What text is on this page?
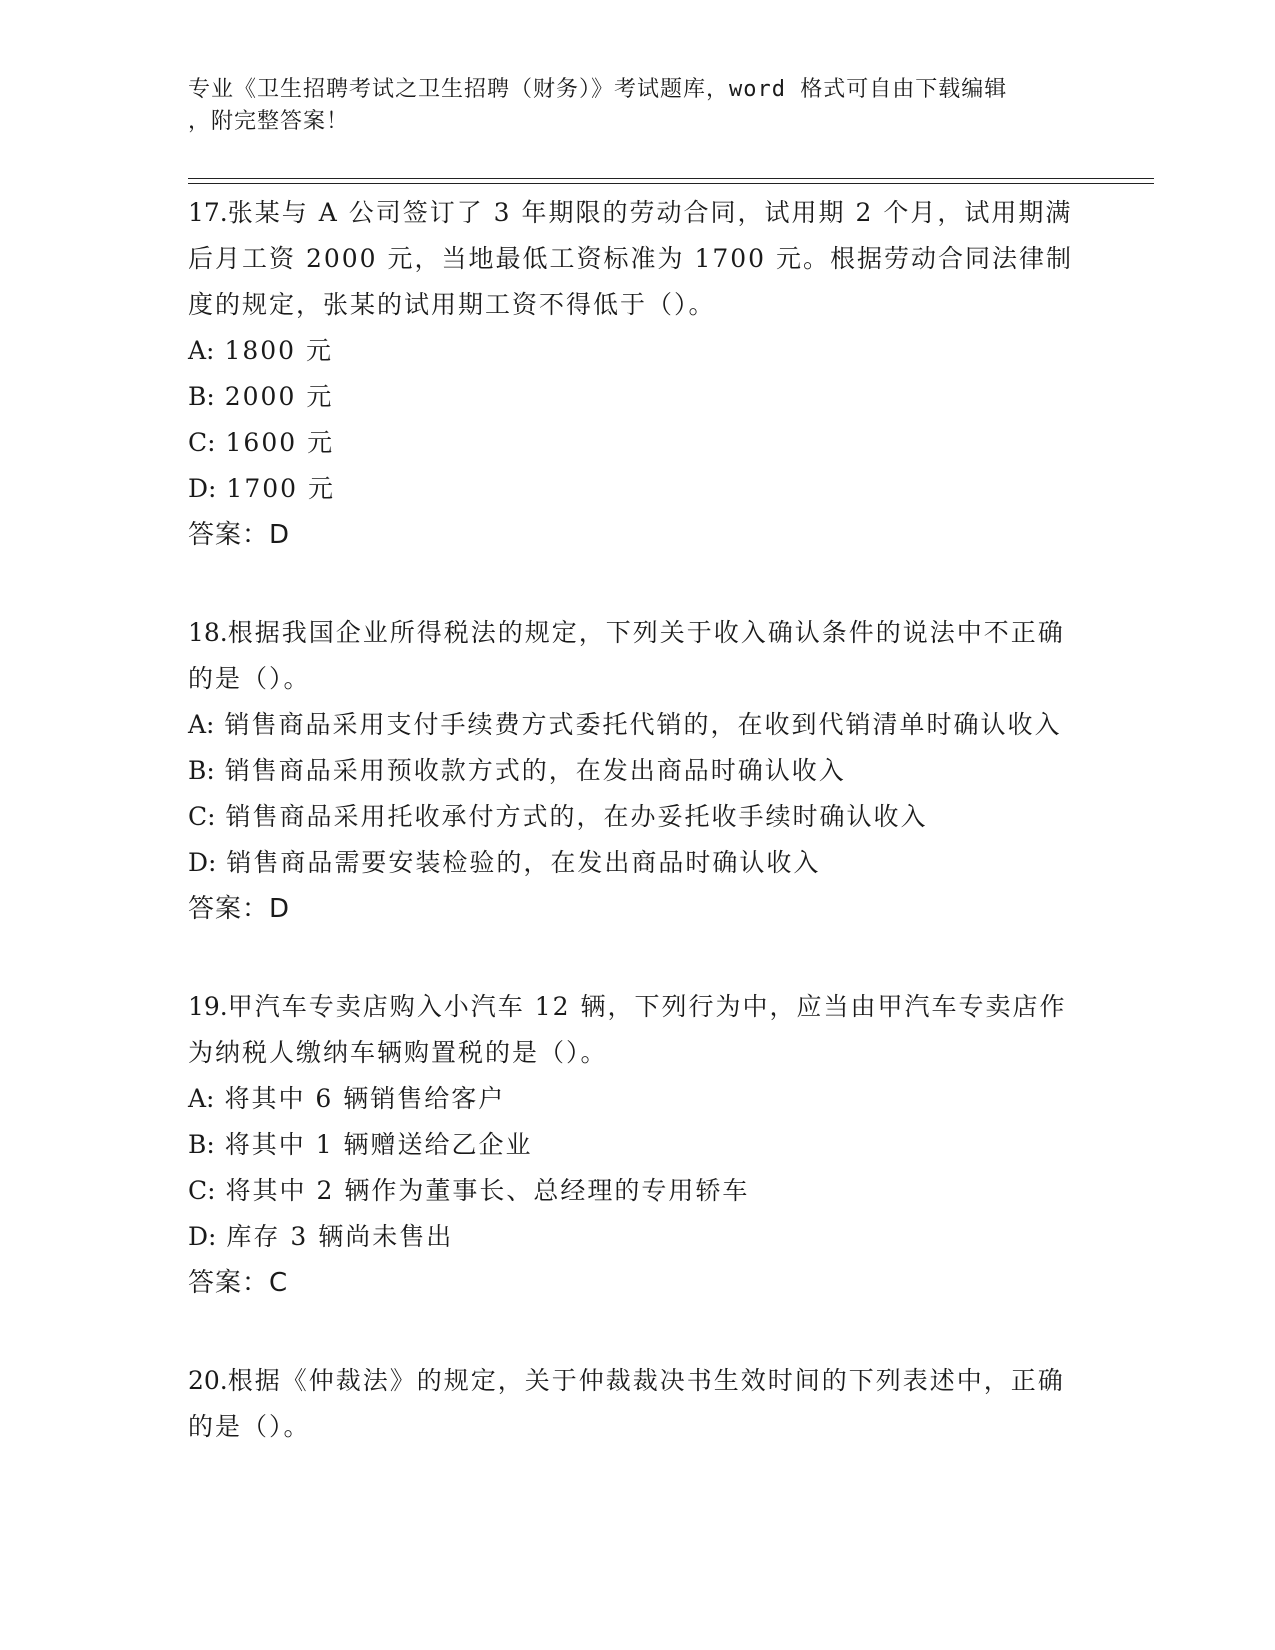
专业《卫生招聘考试之卫生招聘（财务）》考试题库，word 格式可自由下载编辑
，附完整答案！
17.张某与 A 公司签订了 3 年期限的劳动合同，试用期 2 个月，试用期满后月工资 2000 元，当地最低工资标准为 1700 元。根据劳动合同法律制度的规定，张某的试用期工资不得低于（）。
A: 1800 元
B: 2000 元
C: 1600 元
D: 1700 元
答案：D
18.根据我国企业所得税法的规定，下列关于收入确认条件的说法中不正确的是（）。
A: 销售商品采用支付手续费方式委托代销的，在收到代销清单时确认收入
B: 销售商品采用预收款方式的，在发出商品时确认收入
C: 销售商品采用托收承付方式的，在办妥托收手续时确认收入
D: 销售商品需要安装检验的，在发出商品时确认收入
答案：D
19.甲汽车专卖店购入小汽车 12 辆，下列行为中，应当由甲汽车专卖店作为纳税人缴纳车辆购置税的是（）。
A: 将其中 6 辆销售给客户
B: 将其中 1 辆赠送给乙企业
C: 将其中 2 辆作为董事长、总经理的专用轿车
D: 库存 3 辆尚未售出
答案：C
20.根据《仲裁法》的规定，关于仲裁裁决书生效时间的下列表述中，正确的是（）。
